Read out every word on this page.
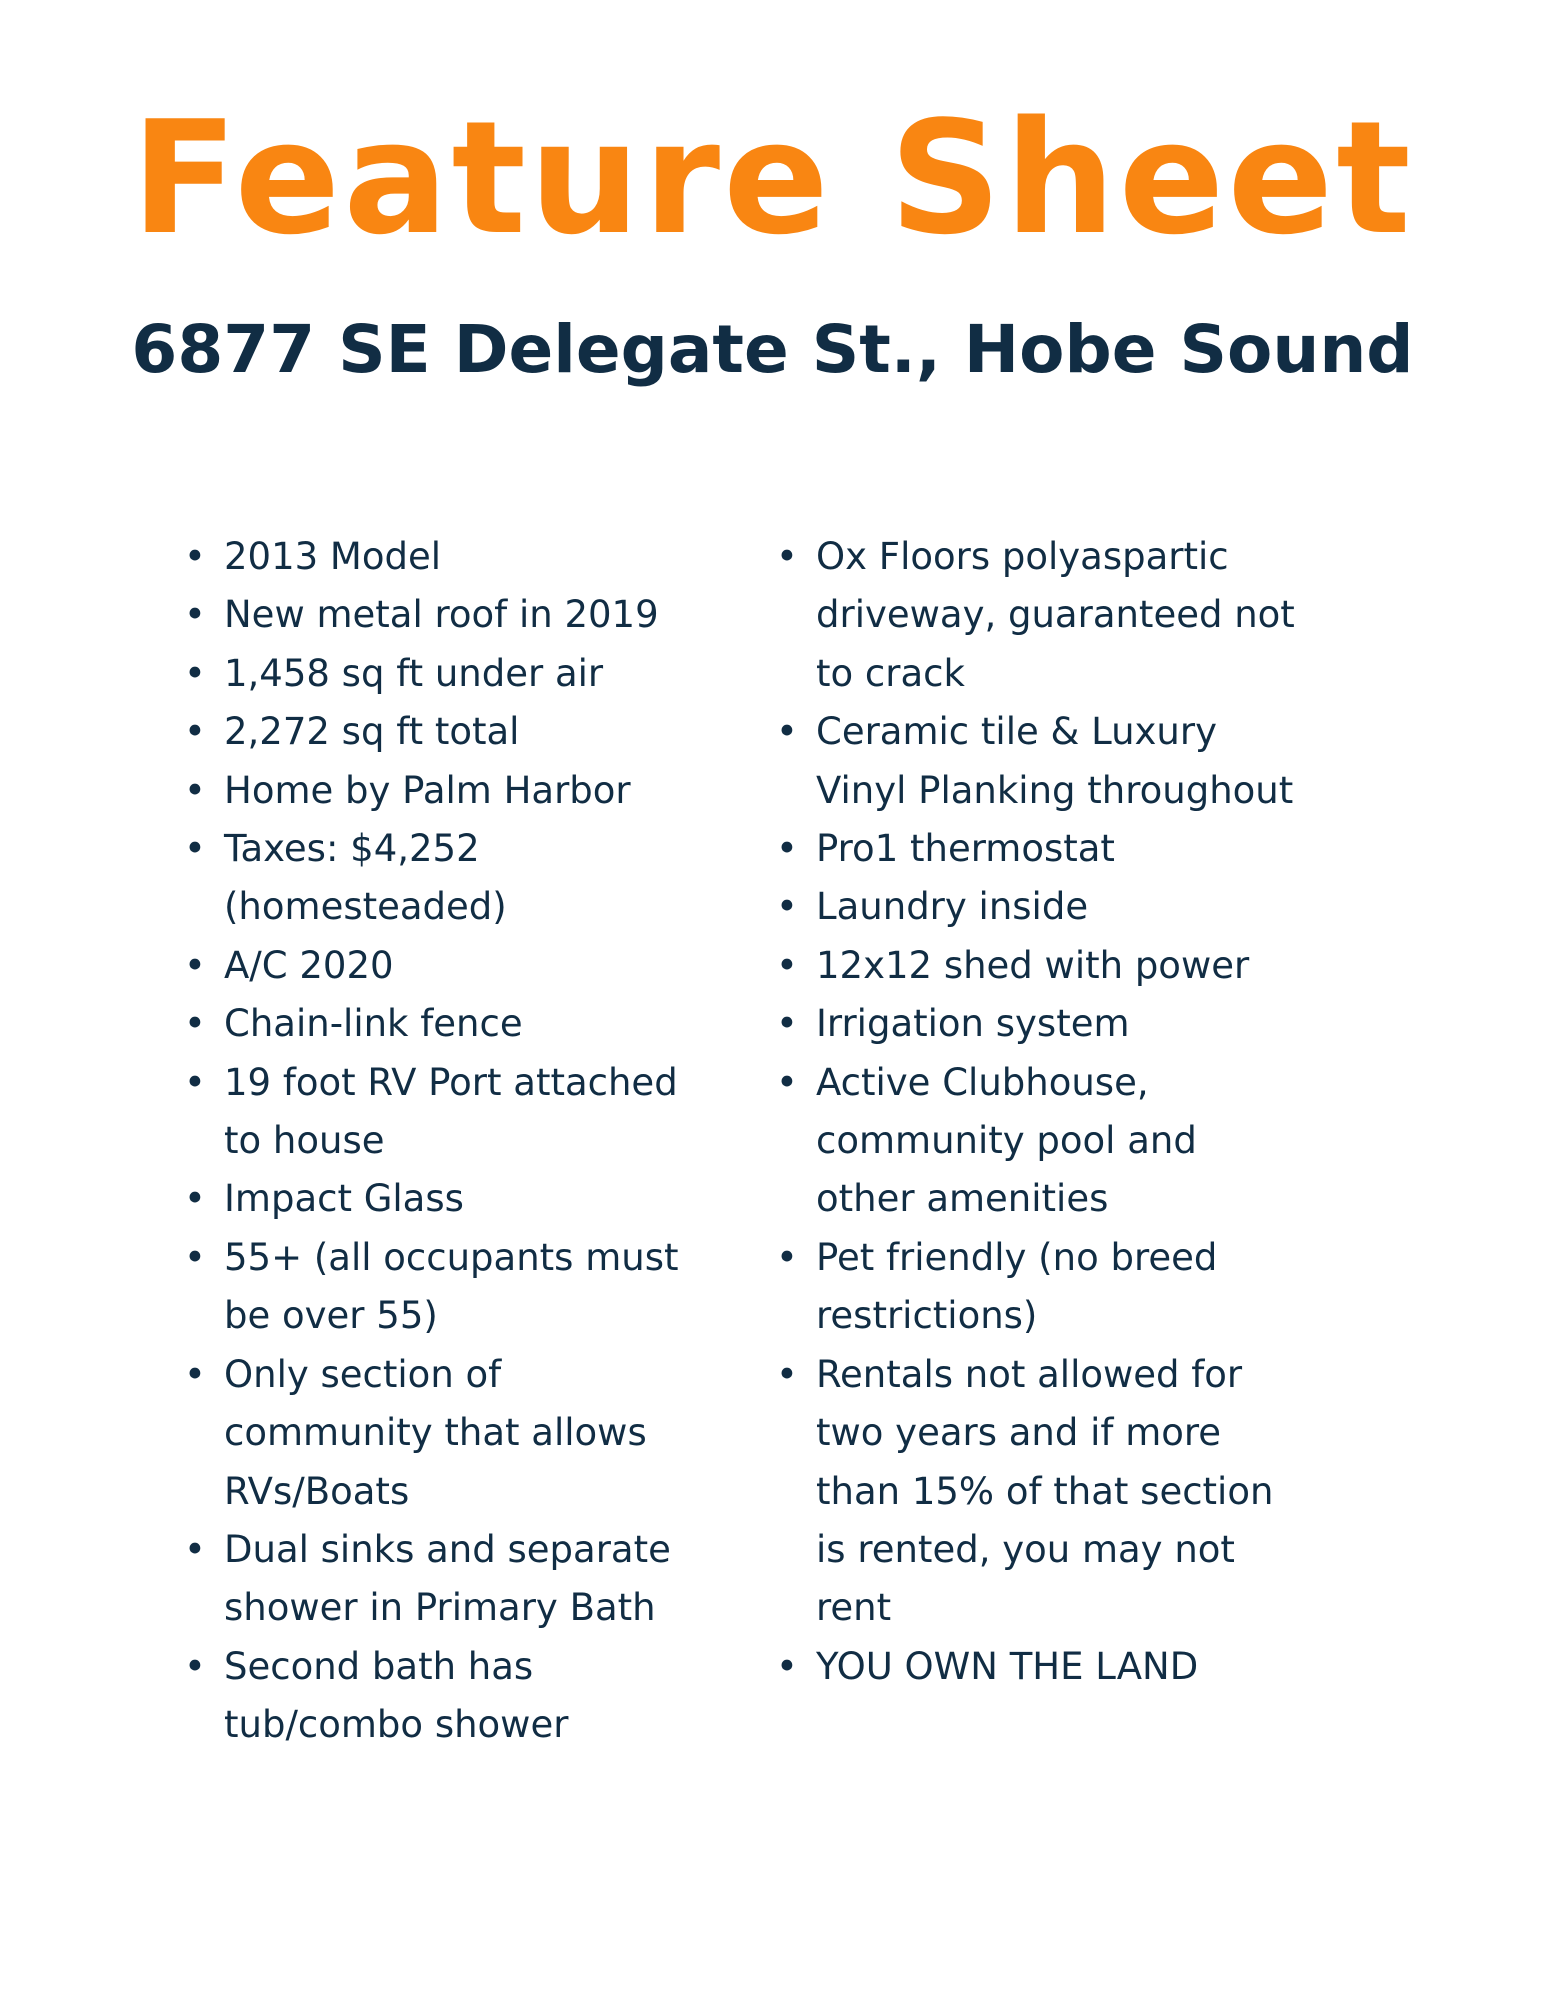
Feature Sheet
6877 SE Delegate St., Hobe Sound
• 2013 Model
• New metal roof in 2019
• 1,458 sq ft under air
• 2,272 sq ft total
• Home by Palm Harbor
• Taxes: $4,252
(homesteaded)
• A/C 2020
• Chain-link fence
• 19 foot RV Port attached
to house
• Impact Glass
• 55+ (all occupants must
be over 55)
• Only section of
community that allows
RVs/Boats
• Dual sinks and separate
shower in Primary Bath
• Second bath has
tub/combo shower
• Ox Floors polyaspartic
driveway, guaranteed not
to crack
• Ceramic tile & Luxury
Vinyl Planking throughout
• Pro1 thermostat
• Laundry inside
• 12x12 shed with power
• Irrigation system
• Active Clubhouse,
community pool and
other amenities
• Pet friendly (no breed
restrictions)
• Rentals not allowed for
two years and if more
than 15% of that section
is rented, you may not
rent
• YOU OWN THE LAND
